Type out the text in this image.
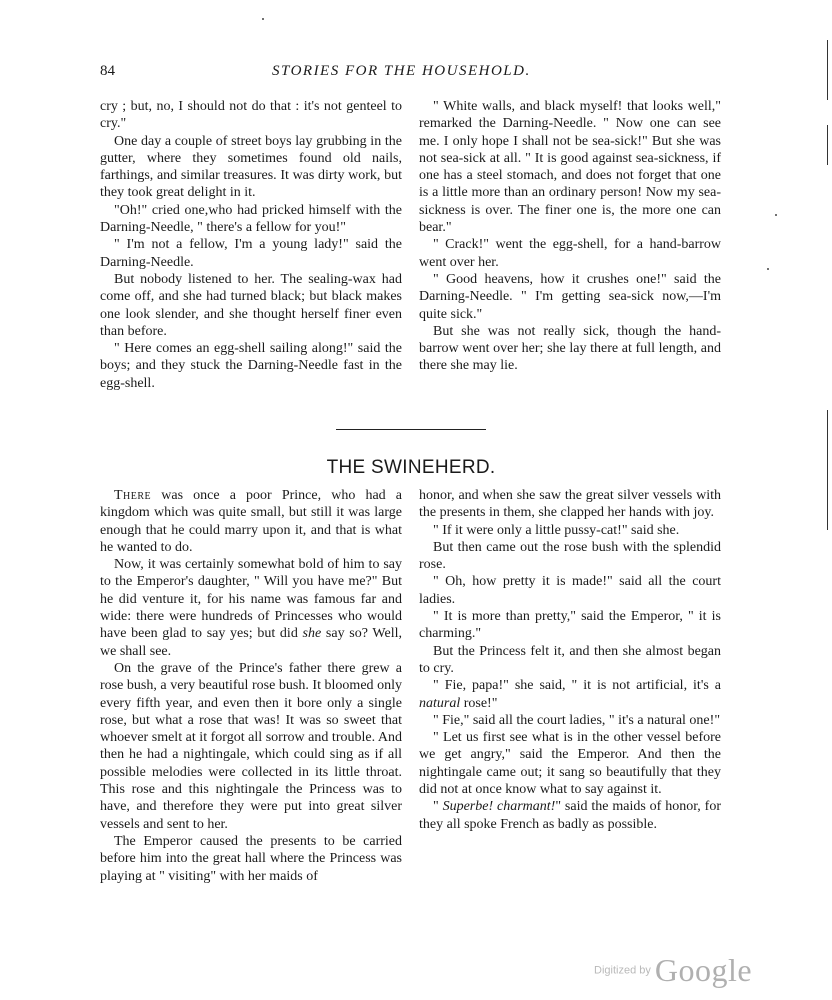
84	STORIES FOR THE HOUSEHOLD.

cry ; but, no, I should not do that : it's not genteel to cry."

One day a couple of street boys lay grubbing in the gutter, where they sometimes found old nails, farthings, and similar treasures. It was dirty work, but they took great delight in it.

"Oh!" cried one,who had pricked himself with the Darning-Needle, " there's a fellow for you!"

" I'm not a fellow, I'm a young lady!" said the Darning-Needle.

But nobody listened to her. The sealing-wax had come off, and she had turned black; but black makes one look slender, and she thought herself finer even than before.

" Here comes an egg-shell sailing along!" said the boys; and they stuck the Darning-Needle fast in the egg-shell.

" White walls, and black myself! that looks well," remarked the Darning-Needle. " Now one can see me. I only hope I shall not be sea-sick!" But she was not sea-sick at all. " It is good against sea-sickness, if one has a steel stomach, and does not forget that one is a little more than an ordinary person! Now my sea-sickness is over. The finer one is, the more one can bear."

" Crack!" went the egg-shell, for a hand-barrow went over her.

" Good heavens, how it crushes one!" said the Darning-Needle. " I'm getting sea-sick now,—I'm quite sick."

But she was not really sick, though the hand-barrow went over her; she lay there at full length, and there she may lie.

THE SWINEHERD.

There was once a poor Prince, who had a kingdom which was quite small, but still it was large enough that he could marry upon it, and that is what he wanted to do.

Now, it was certainly somewhat bold of him to say to the Emperor's daughter, " Will you have me?" But he did venture it, for his name was famous far and wide: there were hundreds of Princesses who would have been glad to say yes; but did she say so? Well, we shall see.

On the grave of the Prince's father there grew a rose bush, a very beautiful rose bush. It bloomed only every fifth year, and even then it bore only a single rose, but what a rose that was! It was so sweet that whoever smelt at it forgot all sorrow and trouble. And then he had a nightingale, which could sing as if all possible melodies were collected in its little throat. This rose and this nightingale the Princess was to have, and therefore they were put into great silver vessels and sent to her.

The Emperor caused the presents to be carried before him into the great hall where the Princess was playing at " visiting" with her maids of

honor, and when she saw the great silver vessels with the presents in them, she clapped her hands with joy.

" If it were only a little pussy-cat!" said she.

But then came out the rose bush with the splendid rose.

" Oh, how pretty it is made!" said all the court ladies.

" It is more than pretty," said the Emperor, " it is charming."

But the Princess felt it, and then she almost began to cry.

" Fie, papa!" she said, " it is not artificial, it's a natural rose!"

" Fie," said all the court ladies, " it's a natural one!"

" Let us first see what is in the other vessel before we get angry," said the Emperor. And then the nightingale came out; it sang so beautifully that they did not at once know what to say against it.

" Superbe! charmant!" said the maids of honor, for they all spoke French as badly as possible.

Digitized by Google
